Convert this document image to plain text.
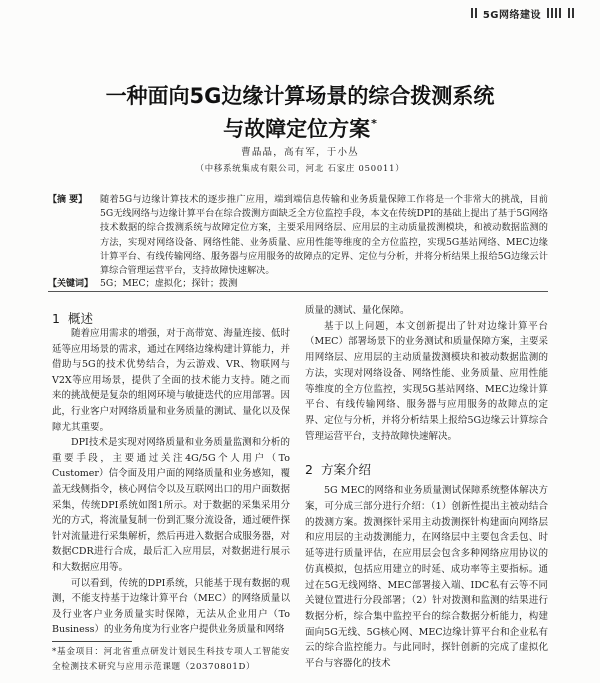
5G网络建设
一种面向5G边缘计算场景的综合拨测系统
与故障定位方案*
曹晶晶，高有军，于小丛
（中移系统集成有限公司，河北 石家庄 050011）
【摘 要】 随着5G与边缘计算技术的逐步推广应用，端到端信息传输和业务质量保障工作将是一个非常大的挑战，目前5G无线网络与边缘计算平台在综合拨测方面缺乏全方位监控手段，本文在传统DPI的基础上提出了基于5G网络技术数据的综合拨测系统与故障定位方案，主要采用网络层、应用层的主动质量拨测模块，和被动数据监测的方法，实现对网络设备、网络性能、业务质量、应用性能等维度的全方位监控，实现5G基站网络、MEC边缘计算平台、有线传输网络、服务器与应用服务的故障点的定界、定位与分析，并将分析结果上报给5G边缘云计算综合管理运营平台，支持故障快速解决。
【关键词】 5G；MEC；虚拟化；探针；拨测
1 概述

随着应用需求的增强，对于高带宽、海量连接、低时延等应用场景的需求，通过在网络边缘构建计算能力，并借助与5G的技术优势结合，为云游戏、VR、物联网与V2X等应用场景，提供了全面的技术能力支持。随之而来的挑战便是复杂的组网环境与敏捷迭代的应用部署。因此，行业客户对网络质量和业务质量的测试、量化以及保障尤其重要。

DPI技术是实现对网络质量和业务质量监测和分析的重要手段，主要通过关注4G/5G个人用户（To Customer）信令面及用户面的网络质量和业务感知，覆盖无线侧指令，核心网信令以及互联网出口的用户面数据采集，传统DPI系统如图1所示。对于数据的采集采用分光的方式，将流量复制一份到汇聚分流设备，通过硬件探针对流量进行采集解析，然后再进入数据合成服务器，对数据CDR进行合成，最后汇入应用层，对数据进行展示和大数据应用等。

可以看到，传统的DPI系统，只能基于现有数据的观测，不能支持基于边缘计算平台（MEC）的网络质量以及行业客户业务质量实时保障，无法从企业用户（To Business）的业务角度为行业客户提供业务质量和网络

*基金项目：河北省重点研发计划民生科技专项人工智能安全检测技术研究与应用示范课题（20370801D）

质量的测试、量化保障。

基于以上问题，本文创新提出了针对边缘计算平台（MEC）部署场景下的业务测试和质量保障方案，主要采用网络层、应用层的主动质量拨测模块和被动数据监测的方法，实现对网络设备、网络性能、业务质量、应用性能等维度的全方位监控，实现5G基站网络、MEC边缘计算平台、有线传输网络、服务器与应用服务的故障点的定界、定位与分析，并将分析结果上报给5G边缘云计算综合管理运营平台，支持故障快速解决。

2 方案介绍

5G MEC的网络和业务质量测试保障系统整体解决方案，可分成三部分进行介绍：（1）创新性提出主被动结合的拨测方案。拨测探针采用主动拨测探针构建面向网络层和应用层的主动拨测能力，在网络层中主要包含丢包、时延等进行质量评估，在应用层会包含多种网络应用协议的仿真模拟，包括应用建立的时延、成功率等主要指标。通过在5G无线网络、MEC部署接入端、IDC私有云等不同关键位置进行分段部署；（2）针对拨测和监测的结果进行数据分析，综合集中监控平台的综合数据分析能力，构建面向5G无线、5G核心网、MEC边缘计算平台和企业私有云的综合监控能力。与此同时，探针创新的完成了虚拟化平台与容器化的技术
